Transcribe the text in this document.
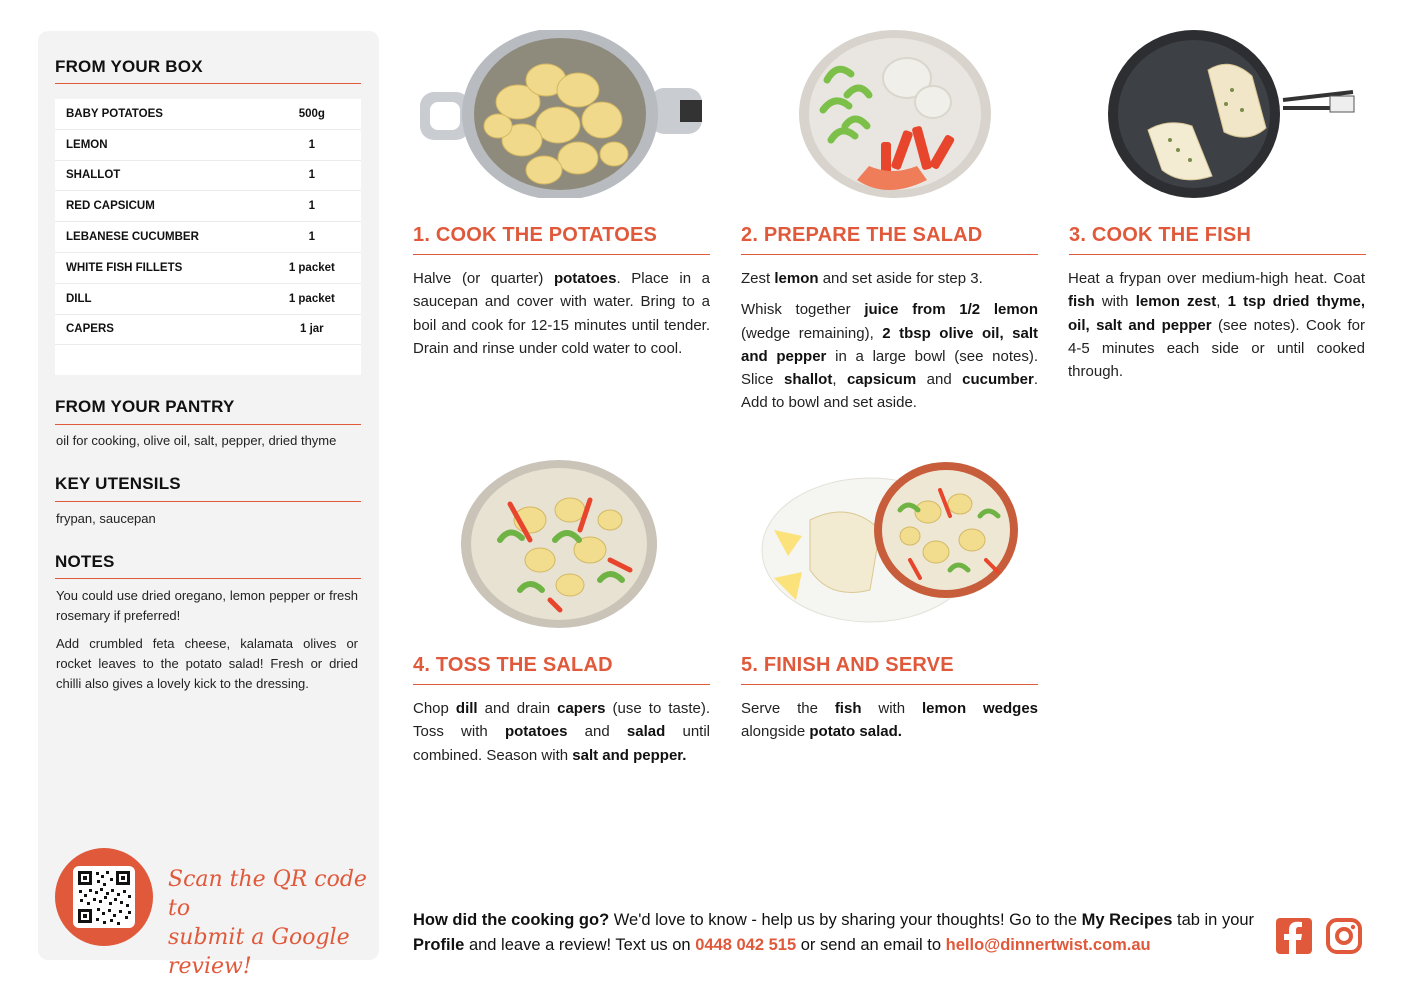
FROM YOUR BOX
BABY POTATOES	500g
LEMON	1
SHALLOT	1
RED CAPSICUM	1
LEBANESE CUCUMBER	1
WHITE FISH FILLETS	1 packet
DILL	1 packet
CAPERS	1 jar
FROM YOUR PANTRY
oil for cooking, olive oil, salt, pepper, dried thyme
KEY UTENSILS
frypan, saucepan
NOTES
You could use dried oregano, lemon pepper or fresh rosemary if preferred!
Add crumbled feta cheese, kalamata olives or rocket leaves to the potato salad! Fresh or dried chilli also gives a lovely kick to the dressing.
Scan the QR code to
submit a Google review!
1. COOK THE POTATOES

Halve (or quarter) potatoes. Place in a saucepan and cover with water. Bring to a boil and cook for 12-15 minutes until tender. Drain and rinse under cold water to cool.

2. PREPARE THE SALAD

Zest lemon and set aside for step 3.

Whisk together juice from 1/2 lemon (wedge remaining), 2 tbsp olive oil, salt and pepper in a large bowl (see notes). Slice shallot, capsicum and cucumber. Add to bowl and set aside.

3. COOK THE FISH

Heat a frypan over medium-high heat. Coat fish with lemon zest, 1 tsp dried thyme, oil, salt and pepper (see notes). Cook for 4-5 minutes each side or until cooked through.

4. TOSS THE SALAD

Chop dill and drain capers (use to taste). Toss with potatoes and salad until combined. Season with salt and pepper.

5. FINISH AND SERVE

Serve the fish with lemon wedges alongside potato salad.

How did the cooking go? We'd love to know - help us by sharing your thoughts! Go to the My Recipes tab in your Profile and leave a review! Text us on 0448 042 515 or send an email to hello@dinnertwist.com.au
